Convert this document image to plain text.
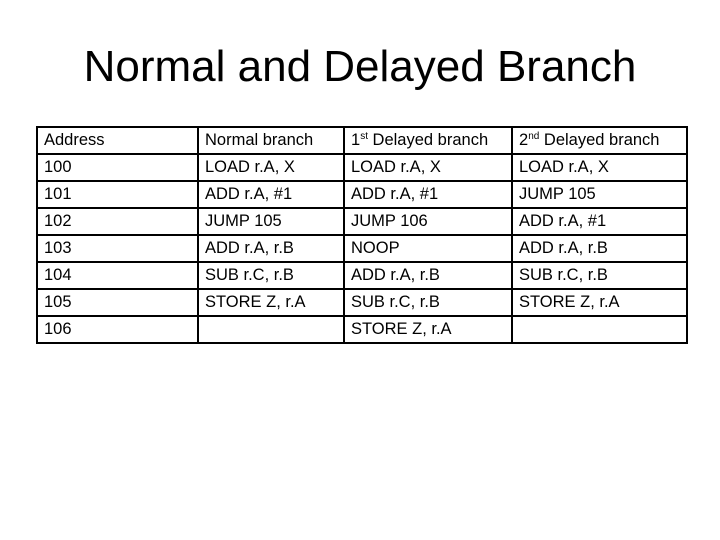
Normal and Delayed Branch
Address	Normal branch	1st Delayed branch	2nd Delayed branch
100	LOAD r.A, X	LOAD r.A, X	LOAD r.A, X
101	ADD r.A, #1	ADD r.A, #1	JUMP 105
102	JUMP 105	JUMP 106	ADD r.A, #1
103	ADD r.A, r.B	NOOP	ADD r.A, r.B
104	SUB r.C, r.B	ADD r.A, r.B	SUB r.C, r.B
105	STORE Z, r.A	SUB r.C, r.B	STORE Z, r.A
106		STORE Z, r.A	
